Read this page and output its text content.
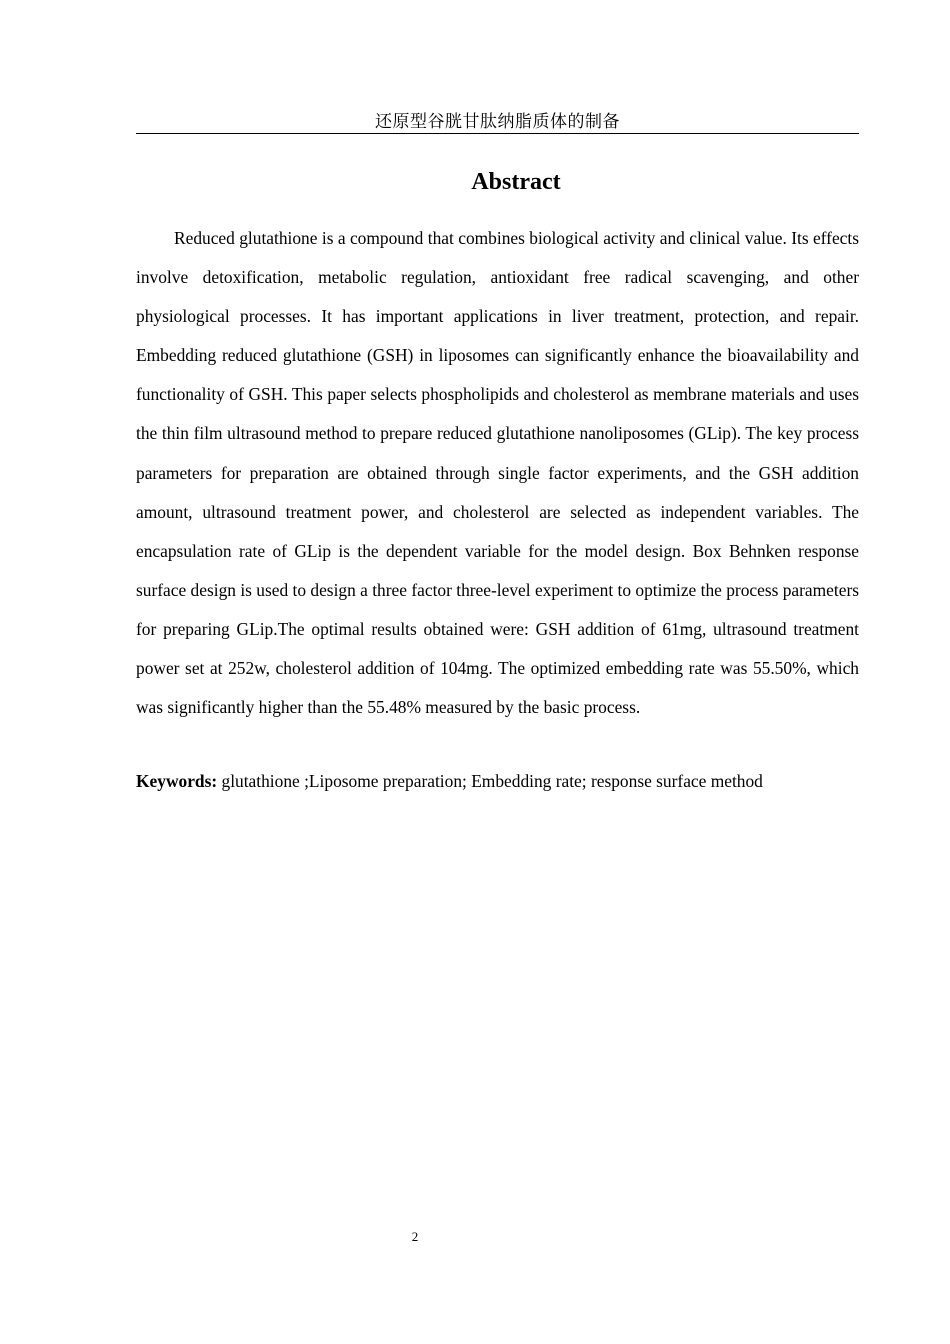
还原型谷胱甘肽纳脂质体的制备
Abstract

Reduced glutathione is a compound that combines biological activity and clinical value. Its effects involve detoxification, metabolic regulation, antioxidant free radical scavenging, and other physiological processes. It has important applications in liver treatment, protection, and repair. Embedding reduced glutathione (GSH) in liposomes can significantly enhance the bioavailability and functionality of GSH. This paper selects phospholipids and cholesterol as membrane materials and uses the thin film ultrasound method to prepare reduced glutathione nanoliposomes (GLip). The key process parameters for preparation are obtained through single factor experiments, and the GSH addition amount, ultrasound treatment power, and cholesterol are selected as independent variables. The encapsulation rate of GLip is the dependent variable for the model design. Box Behnken response surface design is used to design a three factor three-level experiment to optimize the process parameters for preparing GLip.The optimal results obtained were: GSH addition of 61mg, ultrasound treatment power set at 252w, cholesterol addition of 104mg. The optimized embedding rate was 55.50%, which was significantly higher than the 55.48% measured by the basic process.

Keywords: glutathione ;Liposome preparation; Embedding rate; response surface method

2
